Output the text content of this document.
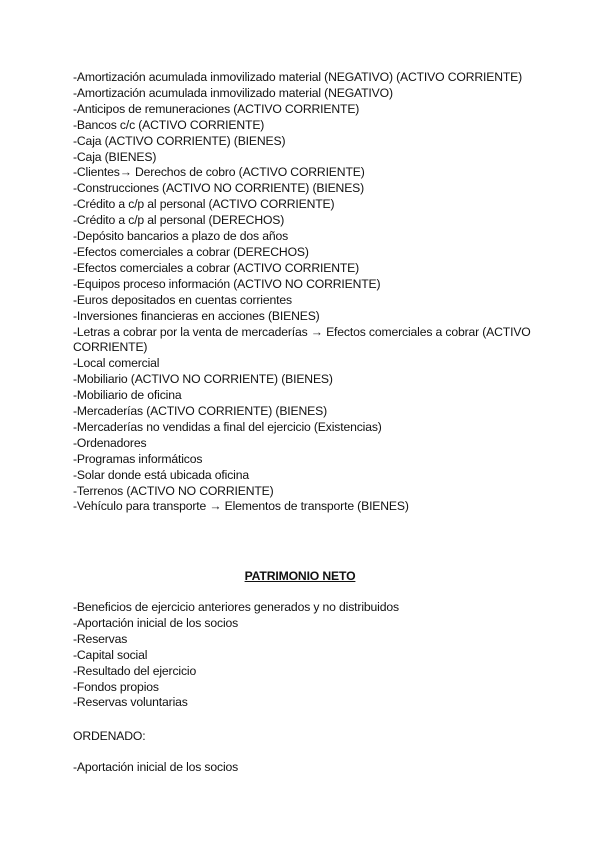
-Amortización acumulada inmovilizado material (NEGATIVO) (ACTIVO CORRIENTE)
-Amortización acumulada inmovilizado material (NEGATIVO)
-Anticipos de remuneraciones (ACTIVO CORRIENTE)
-Bancos c/c (ACTIVO CORRIENTE)
-Caja (ACTIVO CORRIENTE) (BIENES)
-Caja (BIENES)
-Clientes→ Derechos de cobro (ACTIVO CORRIENTE)
-Construcciones (ACTIVO NO CORRIENTE) (BIENES)
-Crédito a c/p al personal (ACTIVO CORRIENTE)
-Crédito a c/p al personal (DERECHOS)
-Depósito bancarios a plazo de dos años
-Efectos comerciales a cobrar (DERECHOS)
-Efectos comerciales a cobrar (ACTIVO CORRIENTE)
-Equipos proceso información (ACTIVO NO CORRIENTE)
-Euros depositados en cuentas corrientes
-Inversiones financieras en acciones (BIENES)
-Letras a cobrar por la venta de mercaderías → Efectos comerciales a cobrar (ACTIVO CORRIENTE)
-Local comercial
-Mobiliario (ACTIVO NO CORRIENTE) (BIENES)
-Mobiliario de oficina
-Mercaderías (ACTIVO CORRIENTE) (BIENES)
-Mercaderías no vendidas a final del ejercicio (Existencias)
-Ordenadores
-Programas informáticos
-Solar donde está ubicada oficina
-Terrenos (ACTIVO NO CORRIENTE)
-Vehículo para transporte → Elementos de transporte (BIENES)
PATRIMONIO NETO
-Beneficios de ejercicio anteriores generados y no distribuidos
-Aportación inicial de los socios
-Reservas
-Capital social
-Resultado del ejercicio
-Fondos propios
-Reservas voluntarias
ORDENADO:
-Aportación inicial de los socios
